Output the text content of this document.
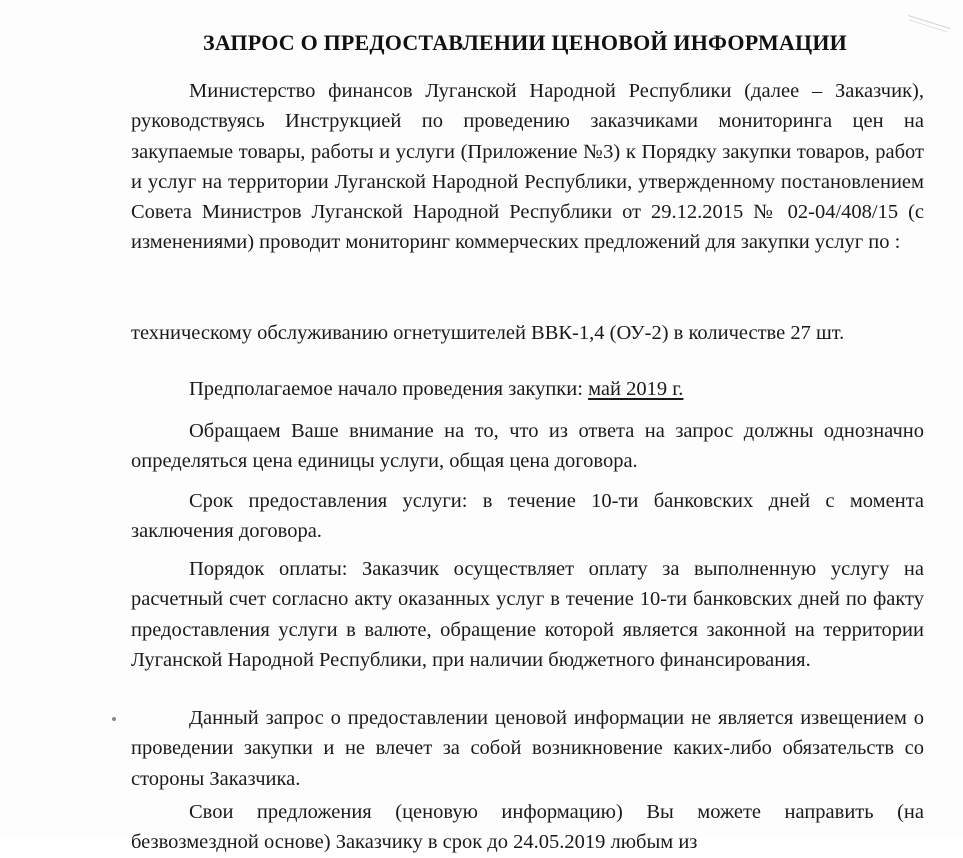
ЗАПРОС О ПРЕДОСТАВЛЕНИИ ЦЕНОВОЙ ИНФОРМАЦИИ

Министерство финансов Луганской Народной Республики (далее – Заказчик), руководствуясь Инструкцией по проведению заказчиками мониторинга цен на закупаемые товары, работы и услуги (Приложение №3) к Порядку закупки товаров, работ и услуг на территории Луганской Народной Республики, утвержденному постановлением Совета Министров Луганской Народной Республики от 29.12.2015 № 02-04/408/15 (с изменениями) проводит мониторинг коммерческих предложений для закупки услуг по :

техническому обслуживанию огнетушителей ВВК-1,4 (ОУ-2) в количестве 27 шт.

Предполагаемое начало проведения закупки: май 2019 г.

Обращаем Ваше внимание на то, что из ответа на запрос должны однозначно определяться цена единицы услуги, общая цена договора.

Срок предоставления услуги: в течение 10-ти банковских дней с момента заключения договора.

Порядок оплаты: Заказчик осуществляет оплату за выполненную услугу на расчетный счет согласно акту оказанных услуг в течение 10-ти банковских дней по факту предоставления услуги в валюте, обращение которой является законной на территории Луганской Народной Республики, при наличии бюджетного финансирования.

Данный запрос о предоставлении ценовой информации не является извещением о проведении закупки и не влечет за собой возникновение каких-либо обязательств со стороны Заказчика.

Свои предложения (ценовую информацию) Вы можете направить (на безвозмездной основе) Заказчику в срок до 24.05.2019 любым из
